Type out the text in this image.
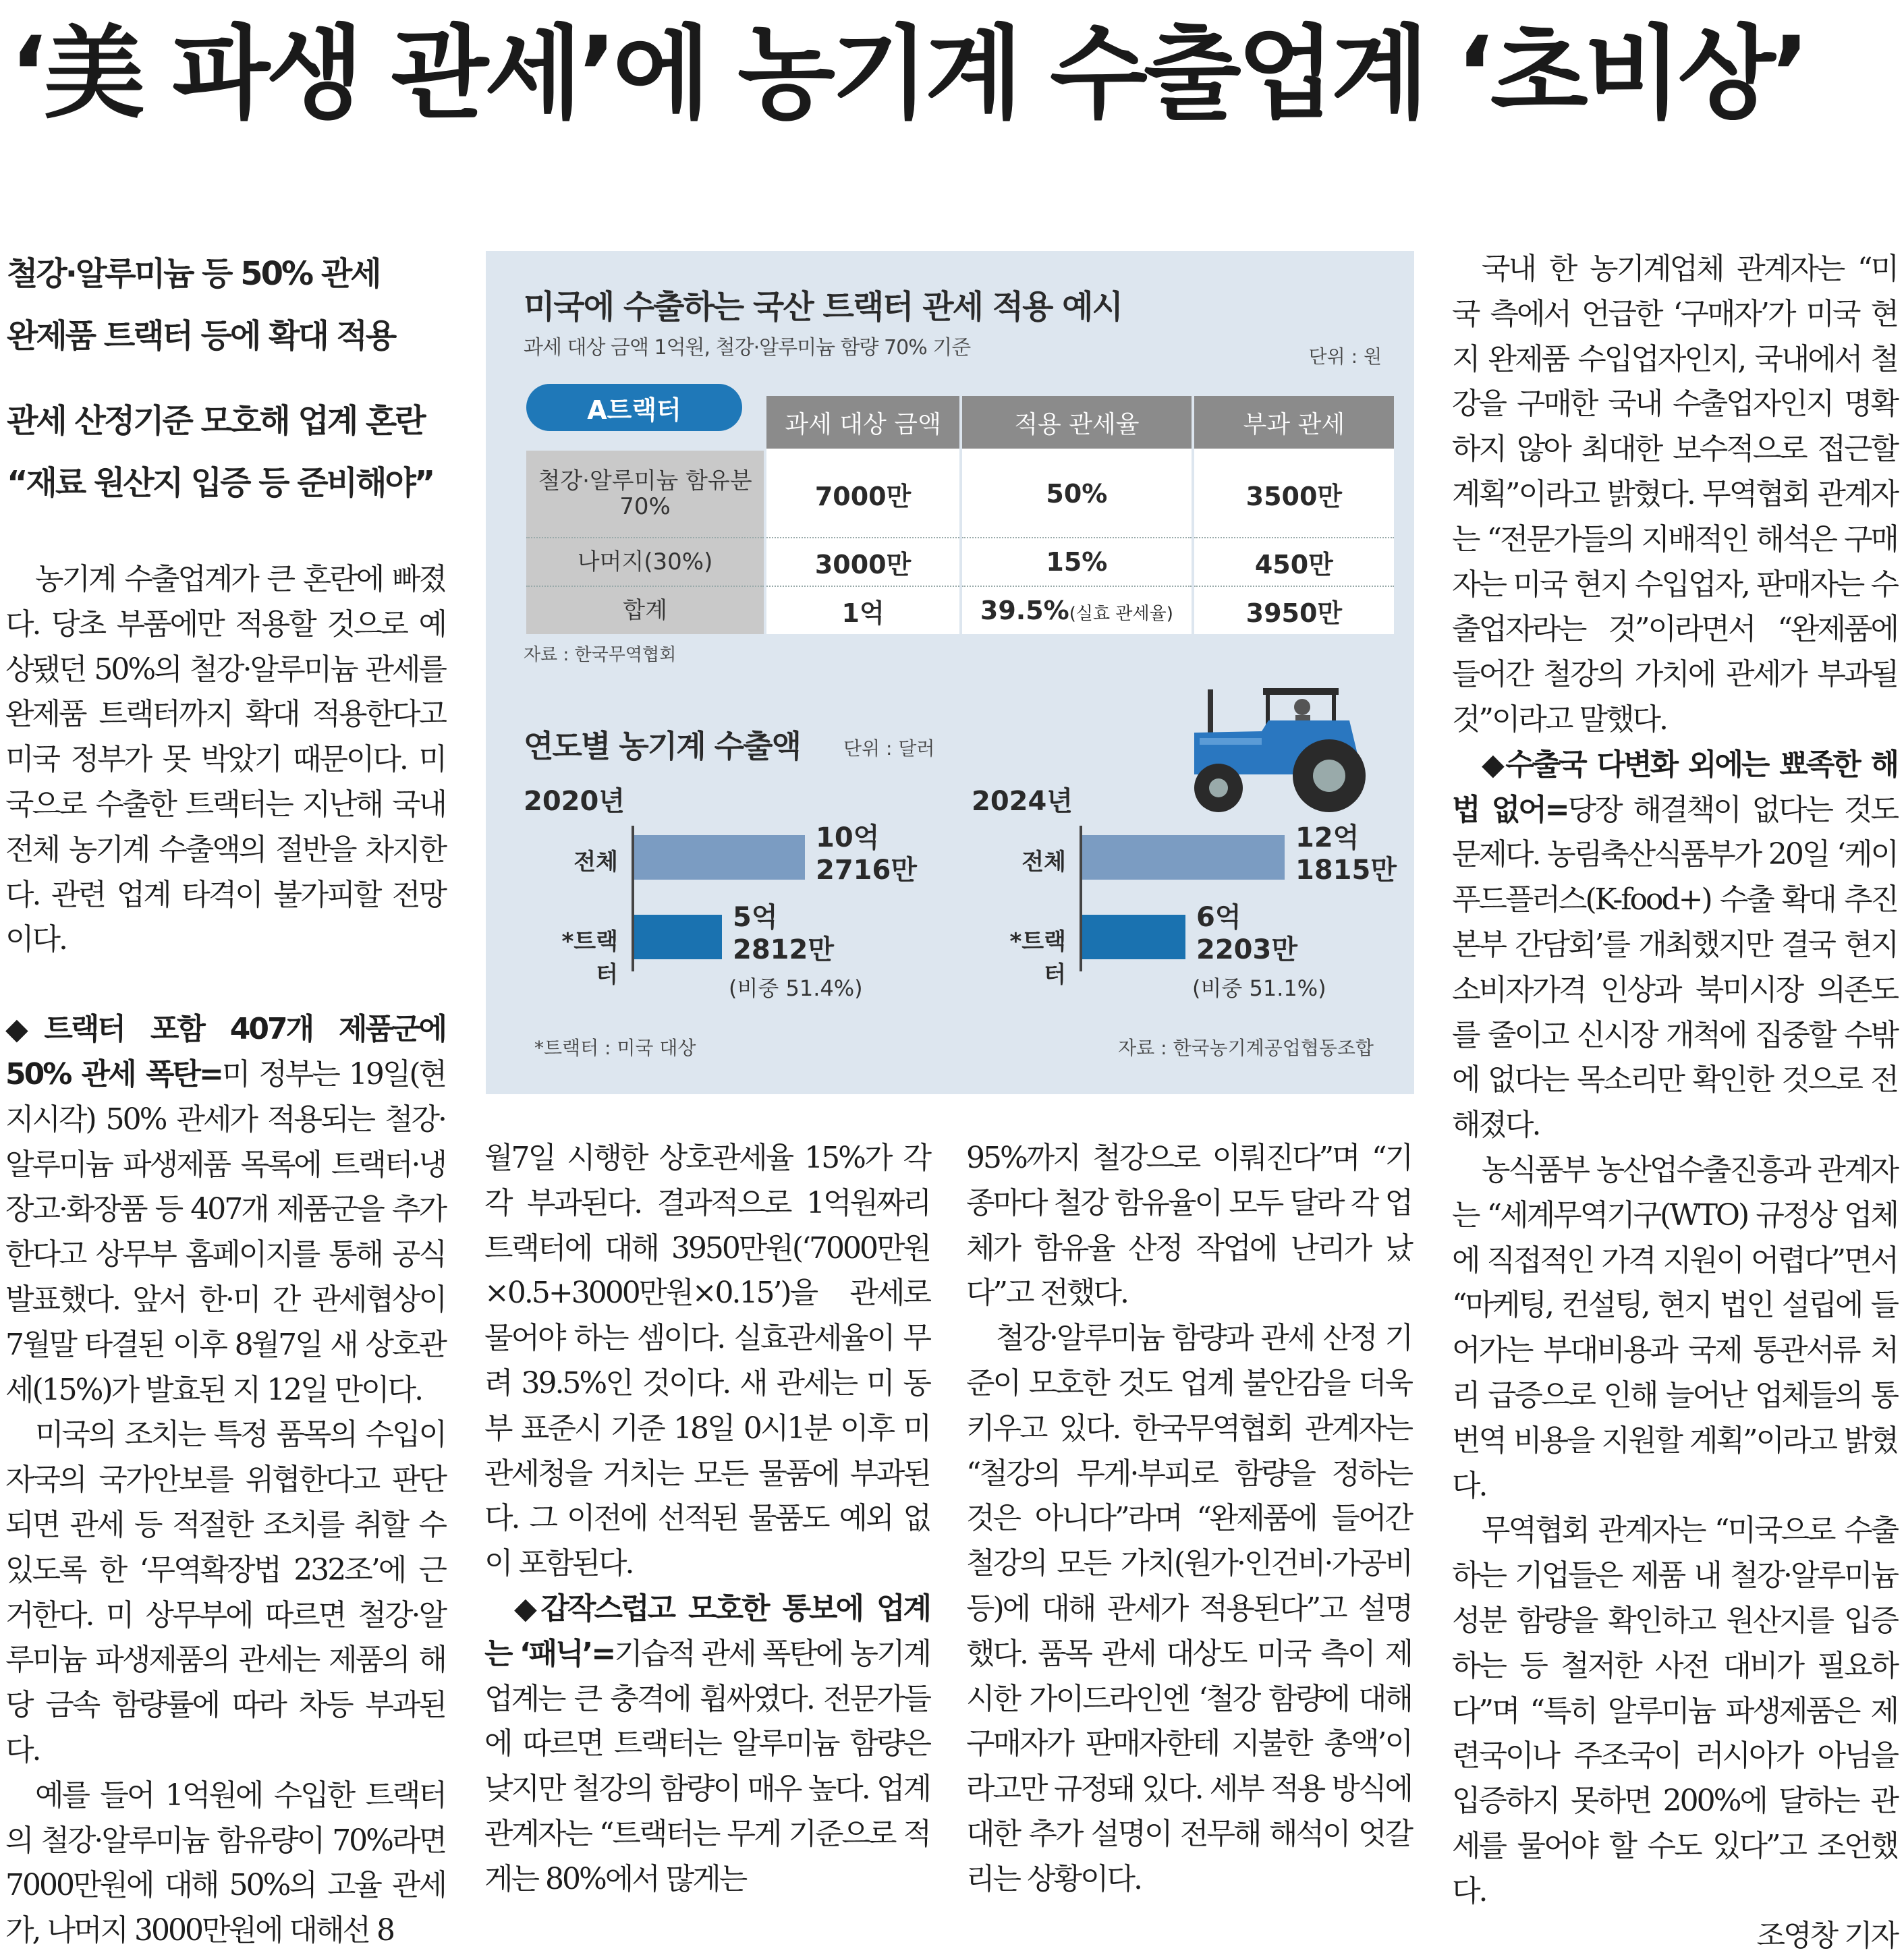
‘美 파생 관세’에 농기계 수출업계 ‘초비상’
철강·알루미늄 등 50% 관세
완제품 트랙터 등에 확대 적용
관세 산정기준 모호해 업계 혼란
“재료 원산지 입증 등 준비해야”

농기계 수출업계가 큰 혼란에 빠졌다. 당초 부품에만 적용할 것으로 예상됐던 50%의 철강·알루미늄 관세를 완제품 트랙터까지 확대 적용한다고 미국 정부가 못 박았기 때문이다. 미국으로 수출한 트랙터는 지난해 국내 전체 농기계 수출액의 절반을 차지한다. 관련 업계 타격이 불가피할 전망이다.

◆트랙터 포함 407개 제품군에 50% 관세 폭탄=미 정부는 19일(현지시각) 50% 관세가 적용되는 철강·알루미늄 파생제품 목록에 트랙터·냉장고·화장품 등 407개 제품군을 추가한다고 상무부 홈페이지를 통해 공식 발표했다. 앞서 한·미 간 관세협상이 7월말 타결된 이후 8월7일 새 상호관세(15%)가 발효된 지 12일 만이다.

미국의 조치는 특정 품목의 수입이 자국의 국가안보를 위협한다고 판단되면 관세 등 적절한 조치를 취할 수 있도록 한 ‘무역확장법 232조’에 근거한다. 미 상무부에 따르면 철강·알루미늄 파생제품의 관세는 제품의 해당 금속 함량률에 따라 차등 부과된다.

예를 들어 1억원에 수입한 트랙터의 철강·알루미늄 함유량이 70%라면 7000만원에 대해 50%의 고율 관세가, 나머지 3000만원에 대해선 8

미국에 수출하는 국산 트랙터 관세 적용 예시
과세 대상 금액 1억원, 철강·알루미늄 함량 70% 기준	단위 : 원
	과세 대상 금액	적용 관세율	부과 관세
철강·알루미늄 함유분 70%	7000만	50%	3500만
나머지(30%)	3000만	15%	450만
합계	1억	39.5%(실효 관세율)	3950만
A트랙터
자료 : 한국무역협회
연도별 농기계 수출액 단위 : 달러
2020년
전체
10억
2716만
*트랙터
5억
2812만
(비중 51.4%)
2024년
전체
12억
1815만
*트랙터
6억
2203만
(비중 51.1%)
*트랙터 : 미국 대상	자료 : 한국농기계공업협동조합

월7일 시행한 상호관세율 15%가 각각 부과된다. 결과적으로 1억원짜리 트랙터에 대해 3950만원(‘7000만원×0.5+3000만원×0.15’)을 관세로 물어야 하는 셈이다. 실효관세율이 무려 39.5%인 것이다. 새 관세는 미 동부 표준시 기준 18일 0시1분 이후 미 관세청을 거치는 모든 물품에 부과된다. 그 이전에 선적된 물품도 예외 없이 포함된다.

◆갑작스럽고 모호한 통보에 업계는 ‘패닉’=기습적 관세 폭탄에 농기계업계는 큰 충격에 휩싸였다. 전문가들에 따르면 트랙터는 알루미늄 함량은 낮지만 철강의 함량이 매우 높다. 업계 관계자는 “트랙터는 무게 기준으로 적게는 80%에서 많게는

95%까지 철강으로 이뤄진다”며 “기종마다 철강 함유율이 모두 달라 각 업체가 함유율 산정 작업에 난리가 났다”고 전했다.

철강·알루미늄 함량과 관세 산정 기준이 모호한 것도 업계 불안감을 더욱 키우고 있다. 한국무역협회 관계자는 “철강의 무게·부피로 함량을 정하는 것은 아니다”라며 “완제품에 들어간 철강의 모든 가치(원가·인건비·가공비 등)에 대해 관세가 적용된다”고 설명했다. 품목 관세 대상도 미국 측이 제시한 가이드라인엔 ‘철강 함량에 대해 구매자가 판매자한테 지불한 총액’이라고만 규정돼 있다. 세부 적용 방식에 대한 추가 설명이 전무해 해석이 엇갈리는 상황이다.

국내 한 농기계업체 관계자는 “미국 측에서 언급한 ‘구매자’가 미국 현지 완제품 수입업자인지, 국내에서 철강을 구매한 국내 수출업자인지 명확하지 않아 최대한 보수적으로 접근할 계획”이라고 밝혔다. 무역협회 관계자는 “전문가들의 지배적인 해석은 구매자는 미국 현지 수입업자, 판매자는 수출업자라는 것”이라면서 “완제품에 들어간 철강의 가치에 관세가 부과될 것”이라고 말했다.

◆수출국 다변화 외에는 뾰족한 해법 없어=당장 해결책이 없다는 것도 문제다. 농림축산식품부가 20일 ‘케이푸드플러스(K-food+) 수출 확대 추진본부 간담회’를 개최했지만 결국 현지 소비자가격 인상과 북미시장 의존도를 줄이고 신시장 개척에 집중할 수밖에 없다는 목소리만 확인한 것으로 전해졌다.

농식품부 농산업수출진흥과 관계자는 “세계무역기구(WTO) 규정상 업체에 직접적인 가격 지원이 어렵다”면서 “마케팅, 컨설팅, 현지 법인 설립에 들어가는 부대비용과 국제 통관서류 처리 급증으로 인해 늘어난 업체들의 통번역 비용을 지원할 계획”이라고 밝혔다.

무역협회 관계자는 “미국으로 수출하는 기업들은 제품 내 철강·알루미늄 성분 함량을 확인하고 원산지를 입증하는 등 철저한 사전 대비가 필요하다”며 “특히 알루미늄 파생제품은 제련국이나 주조국이 러시아가 아님을 입증하지 못하면 200%에 달하는 관세를 물어야 할 수도 있다”고 조언했다.

조영창 기자
